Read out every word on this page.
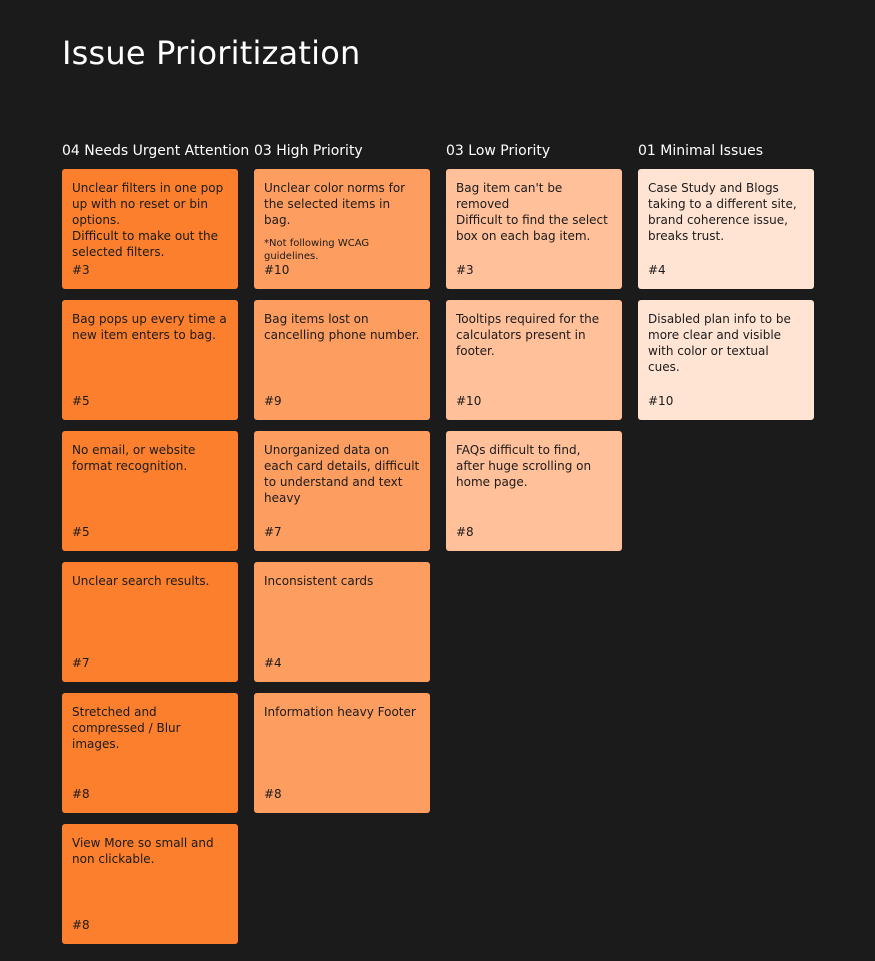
Issue Prioritization
04 Needs Urgent Attention
Unclear filters in one pop up with no reset or bin options.
Difficult to make out the selected filters.
#3
Bag pops up every time a new item enters to bag.
#5
No email, or website format recognition.
#5
Unclear search results.
#7
Stretched and compressed / Blur images.
#8
View More so small and non clickable.
#8
03 High Priority
Unclear color norms for the selected items in bag.
*Not following WCAG guidelines.
#10
Bag items lost on cancelling phone number.
#9
Unorganized data on each card details, difficult to understand and text heavy
#7
Inconsistent cards
#4
Information heavy Footer
#8
03 Low Priority
Bag item can't be removed
Difficult to find the select box on each bag item.
#3
Tooltips required for the calculators present in footer.
#10
FAQs difficult to find, after huge scrolling on home page.
#8
01 Minimal Issues
Case Study and Blogs taking to a different site, brand coherence issue, breaks trust.
#4
Disabled plan info to be more clear and visible with color or textual cues.
#10
